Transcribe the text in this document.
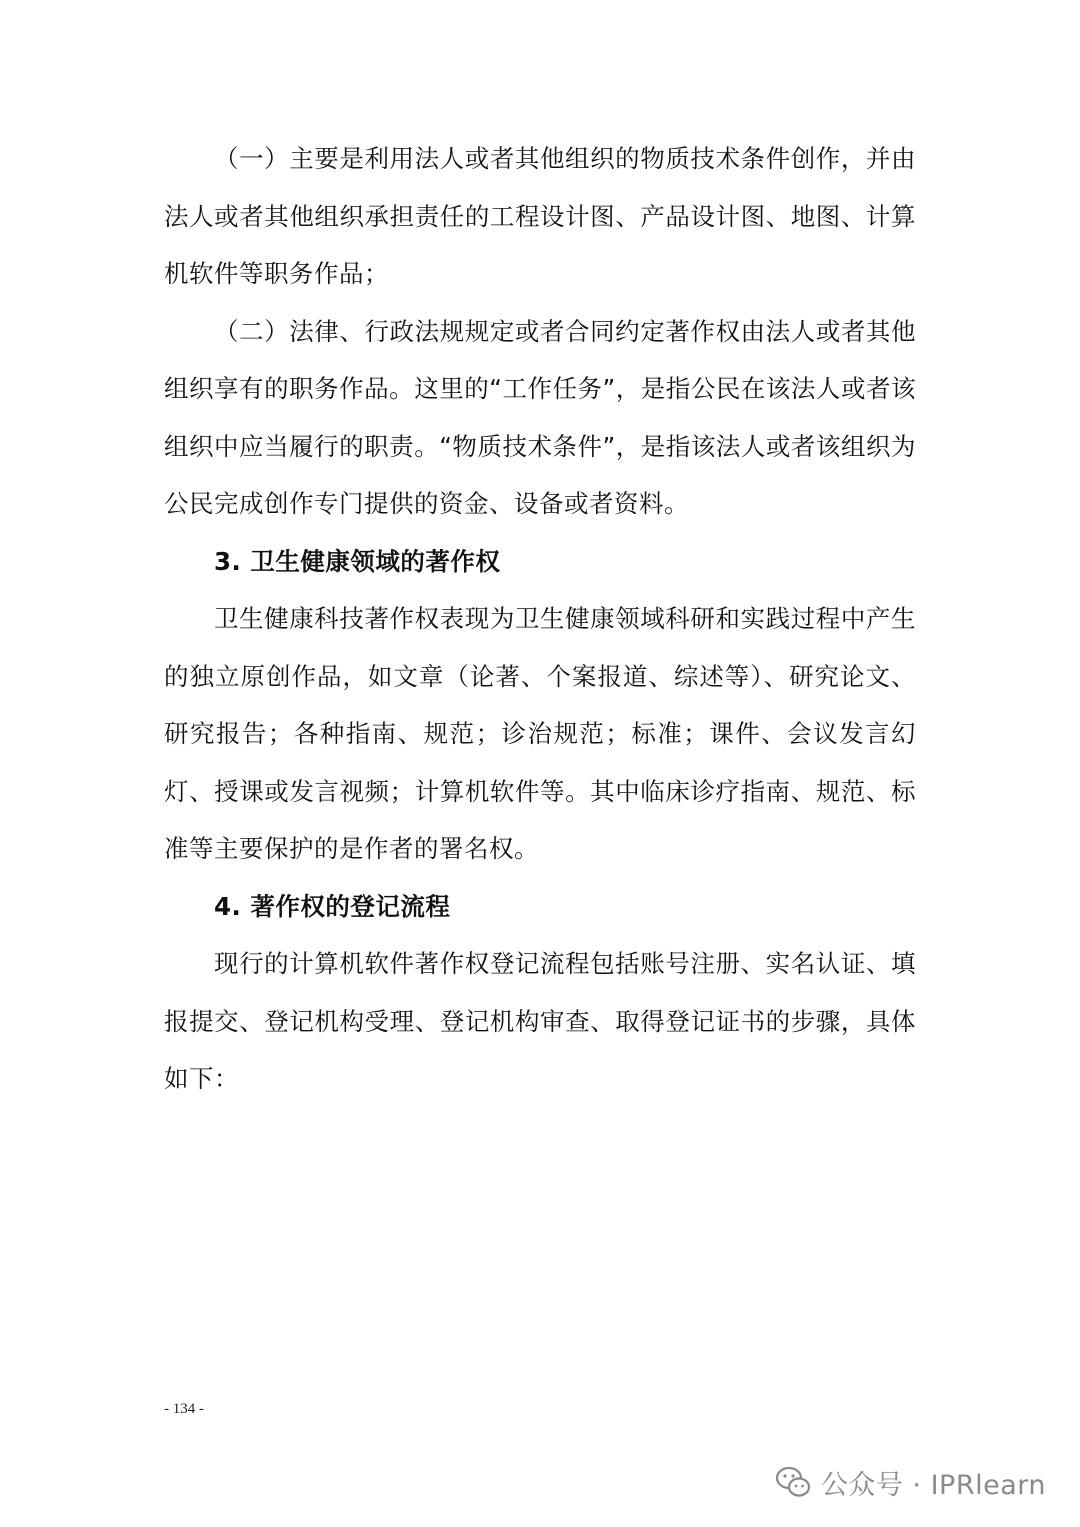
（一）主要是利用法人或者其他组织的物质技术条件创作，并由法人或者其他组织承担责任的工程设计图、产品设计图、地图、计算机软件等职务作品；

（二）法律、行政法规规定或者合同约定著作权由法人或者其他组织享有的职务作品。这里的“工作任务”，是指公民在该法人或者该组织中应当履行的职责。“物质技术条件”，是指该法人或者该组织为公民完成创作专门提供的资金、设备或者资料。

3. 卫生健康领域的著作权

卫生健康科技著作权表现为卫生健康领域科研和实践过程中产生的独立原创作品，如文章（论著、个案报道、综述等）、研究论文、研究报告；各种指南、规范；诊治规范；标准；课件、会议发言幻灯、授课或发言视频；计算机软件等。其中临床诊疗指南、规范、标准等主要保护的是作者的署名权。

4. 著作权的登记流程

现行的计算机软件著作权登记流程包括账号注册、实名认证、填报提交、登记机构受理、登记机构审查、取得登记证书的步骤，具体如下：

- 134 -
公众号 · IPRlearn
